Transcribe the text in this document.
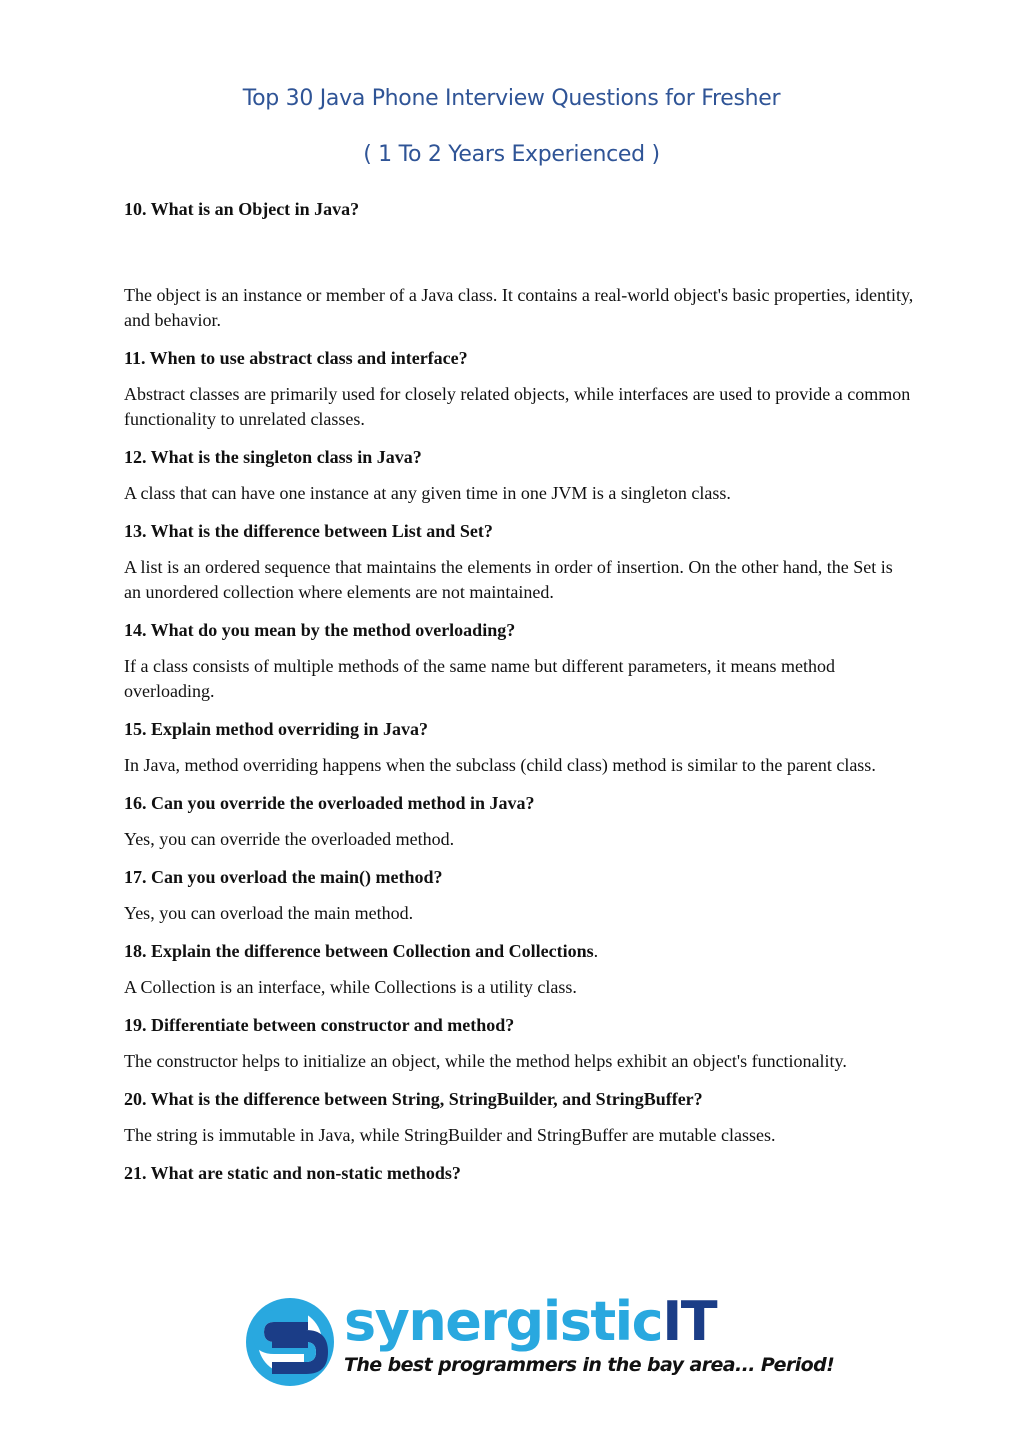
Top 30 Java Phone Interview Questions for Fresher
( 1 To 2 Years Experienced )

10. What is an Object in Java?

The object is an instance or member of a Java class. It contains a real-world object's basic properties, identity, and behavior.

11. When to use abstract class and interface?

Abstract classes are primarily used for closely related objects, while interfaces are used to provide a common functionality to unrelated classes.

12. What is the singleton class in Java?

A class that can have one instance at any given time in one JVM is a singleton class.

13. What is the difference between List and Set?

A list is an ordered sequence that maintains the elements in order of insertion. On the other hand, the Set is an unordered collection where elements are not maintained.

14. What do you mean by the method overloading?

If a class consists of multiple methods of the same name but different parameters, it means method overloading.

15. Explain method overriding in Java?

In Java, method overriding happens when the subclass (child class) method is similar to the parent class.

16. Can you override the overloaded method in Java?

Yes, you can override the overloaded method.

17. Can you overload the main() method?

Yes, you can overload the main method.

18. Explain the difference between Collection and Collections.

A Collection is an interface, while Collections is a utility class.

19. Differentiate between constructor and method?

The constructor helps to initialize an object, while the method helps exhibit an object's functionality.

20. What is the difference between String, StringBuilder, and StringBuffer?

The string is immutable in Java, while StringBuilder and StringBuffer are mutable classes.

21. What are static and non-static methods?

synergisticIT
The best programmers in the bay area... Period!
